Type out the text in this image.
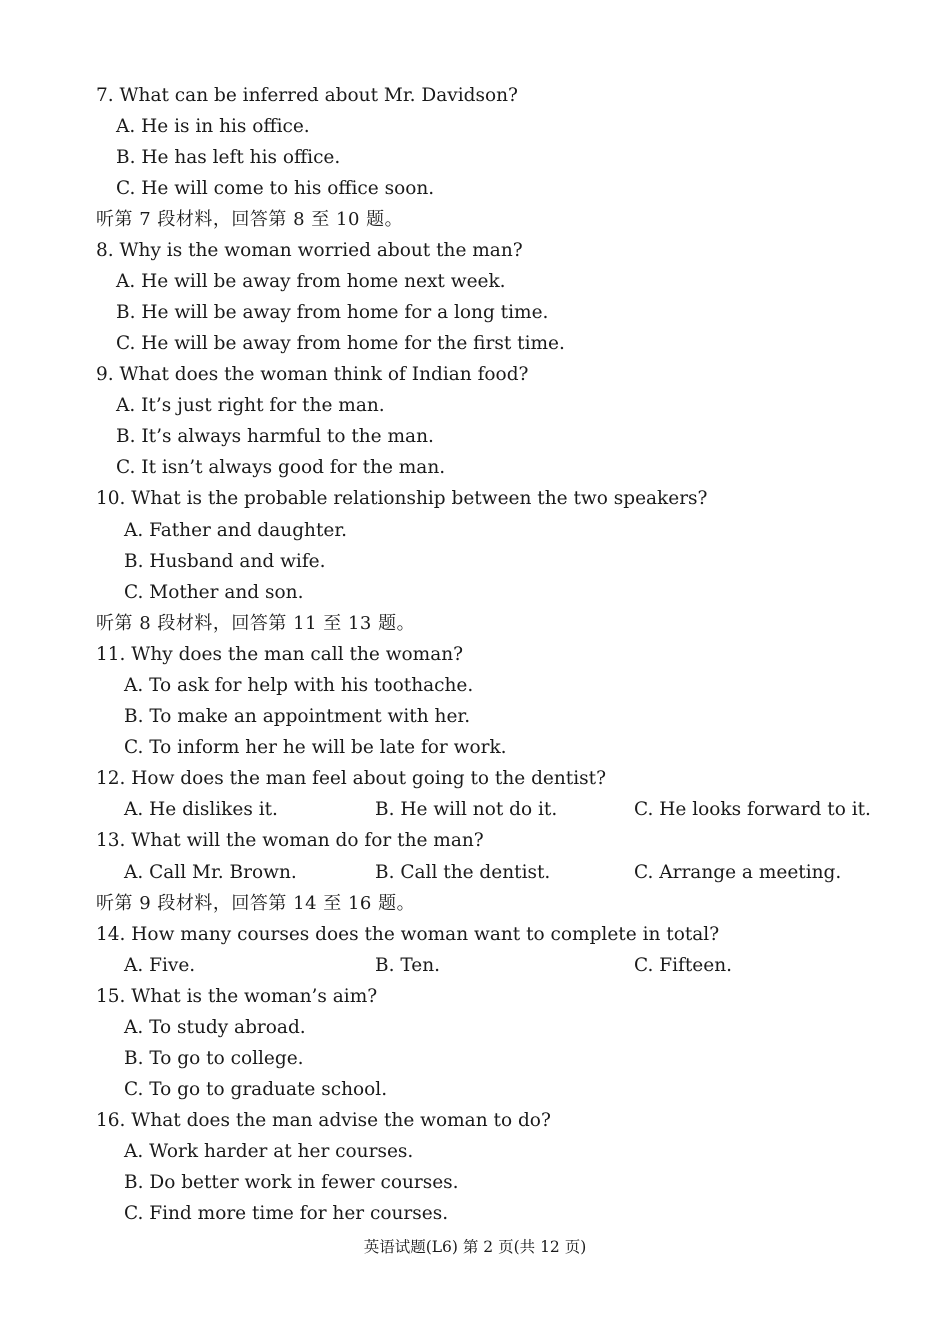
7. What can be inferred about Mr. Davidson?
A. He is in his office.
B. He has left his office.
C. He will come to his office soon.
听第 7 段材料，回答第 8 至 10 题。
8. Why is the woman worried about the man?
A. He will be away from home next week.
B. He will be away from home for a long time.
C. He will be away from home for the first time.
9. What does the woman think of Indian food?
A. It’s just right for the man.
B. It’s always harmful to the man.
C. It isn’t always good for the man.
10. What is the probable relationship between the two speakers?
A. Father and daughter.
B. Husband and wife.
C. Mother and son.
听第 8 段材料，回答第 11 至 13 题。
11. Why does the man call the woman?
A. To ask for help with his toothache.
B. To make an appointment with her.
C. To inform her he will be late for work.
12. How does the man feel about going to the dentist?
A. He dislikes it.	B. He will not do it.	C. He looks forward to it.
13. What will the woman do for the man?
A. Call Mr. Brown.	B. Call the dentist.	C. Arrange a meeting.
听第 9 段材料，回答第 14 至 16 题。
14. How many courses does the woman want to complete in total?
A. Five.	B. Ten.	C. Fifteen.
15. What is the woman’s aim?
A. To study abroad.
B. To go to college.
C. To go to graduate school.
16. What does the man advise the woman to do?
A. Work harder at her courses.
B. Do better work in fewer courses.
C. Find more time for her courses.
英语试题(L6) 第 2 页(共 12 页)
